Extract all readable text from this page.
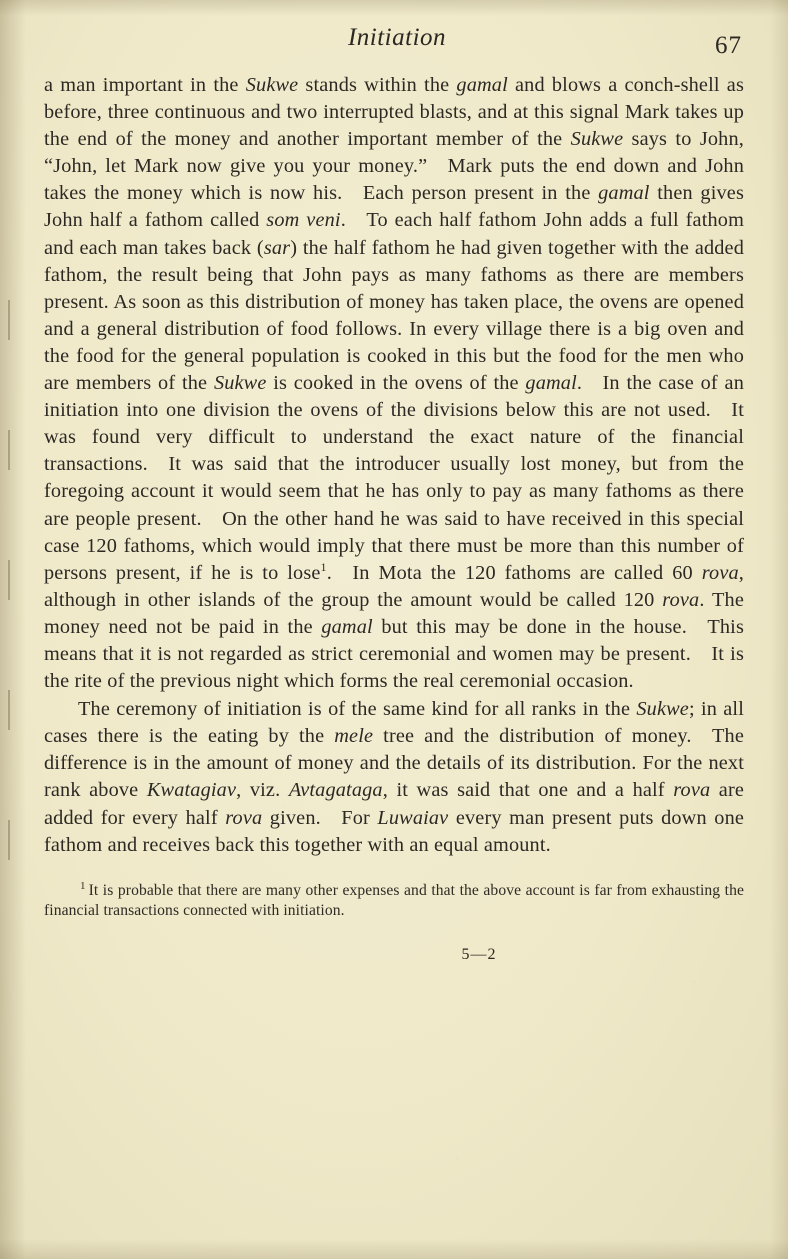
Initiation	67

a man important in the Sukwe stands within the gamal and blows a conch-shell as before, three continuous and two interrupted blasts, and at this signal Mark takes up the end of the money and another important member of the Sukwe says to John, “John, let Mark now give you your money.” Mark puts the end down and John takes the money which is now his. Each person present in the gamal then gives John half a fathom called som veni. To each half fathom John adds a full fathom and each man takes back (sar) the half fathom he had given together with the added fathom, the result being that John pays as many fathoms as there are members present. As soon as this distribution of money has taken place, the ovens are opened and a general distribution of food follows. In every village there is a big oven and the food for the general population is cooked in this but the food for the men who are members of the Sukwe is cooked in the ovens of the gamal. In the case of an initiation into one division the ovens of the divisions below this are not used. It was found very difficult to understand the exact nature of the financial transactions. It was said that the introducer usually lost money, but from the foregoing account it would seem that he has only to pay as many fathoms as there are people present. On the other hand he was said to have received in this special case 120 fathoms, which would imply that there must be more than this number of persons present, if he is to lose$^1$. In Mota the 120 fathoms are called 60 rova, although in other islands of the group the amount would be called 120 rova. The money need not be paid in the gamal but this may be done in the house. This means that it is not regarded as strict ceremonial and women may be present. It is the rite of the previous night which forms the real ceremonial occasion.

The ceremony of initiation is of the same kind for all ranks in the Sukwe; in all cases there is the eating by the mele tree and the distribution of money. The difference is in the amount of money and the details of its distribution. For the next rank above Kwatagiav, viz. Avtagataga, it was said that one and a half rova are added for every half rova given. For Luwaiav every man present puts down one fathom and receives back this together with an equal amount.

$^1$ It is probable that there are many other expenses and that the above account is far from exhausting the financial transactions connected with initiation.
5—2
